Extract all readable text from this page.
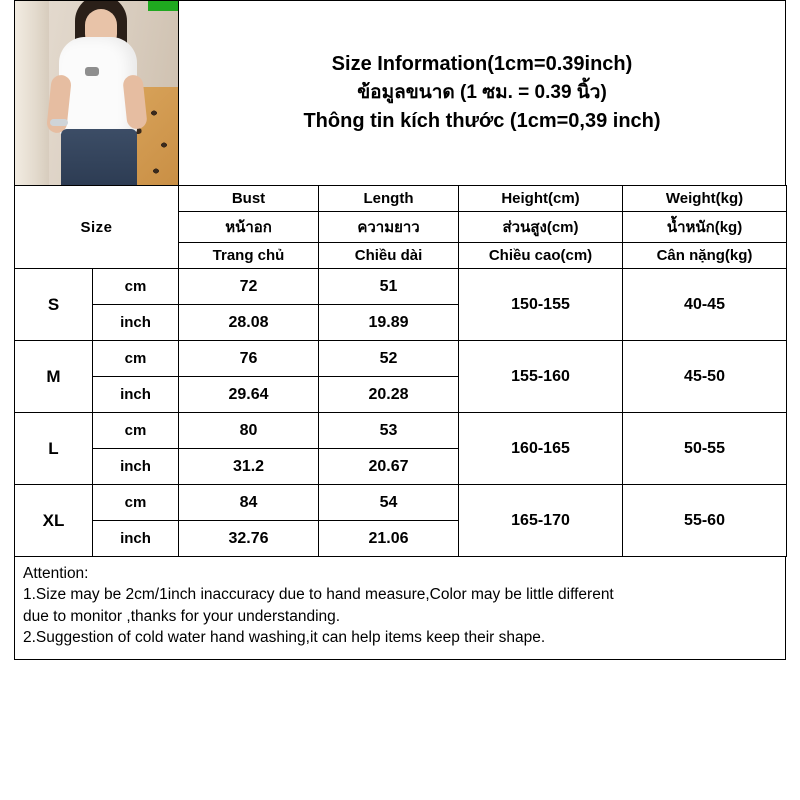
Size Information(1cm=0.39inch)
ข้อมูลขนาด (1 ซม. = 0.39 นิ้ว)
Thông tin kích thước (1cm=0,39 inch)
Size		Bust	Length	Height(cm)	Weight(kg)
		หน้าอก	ความยาว	ส่วนสูง(cm)	น้ำหนัก(kg)
		Trang chủ	Chiều dài	Chiều cao(cm)	Cân nặng(kg)
S	cm	72	51	150-155	40-45
	inch	28.08	19.89		
M	cm	76	52	155-160	45-50
	inch	29.64	20.28		
L	cm	80	53	160-165	50-55
	inch	31.2	20.67		
XL	cm	84	54	165-170	55-60
	inch	32.76	21.06		

Attention:

1.Size may be 2cm/1inch inaccuracy due to hand measure,Color may be little different

due to monitor ,thanks for your understanding.

2.Suggestion of cold water hand washing,it can help items keep their shape.
